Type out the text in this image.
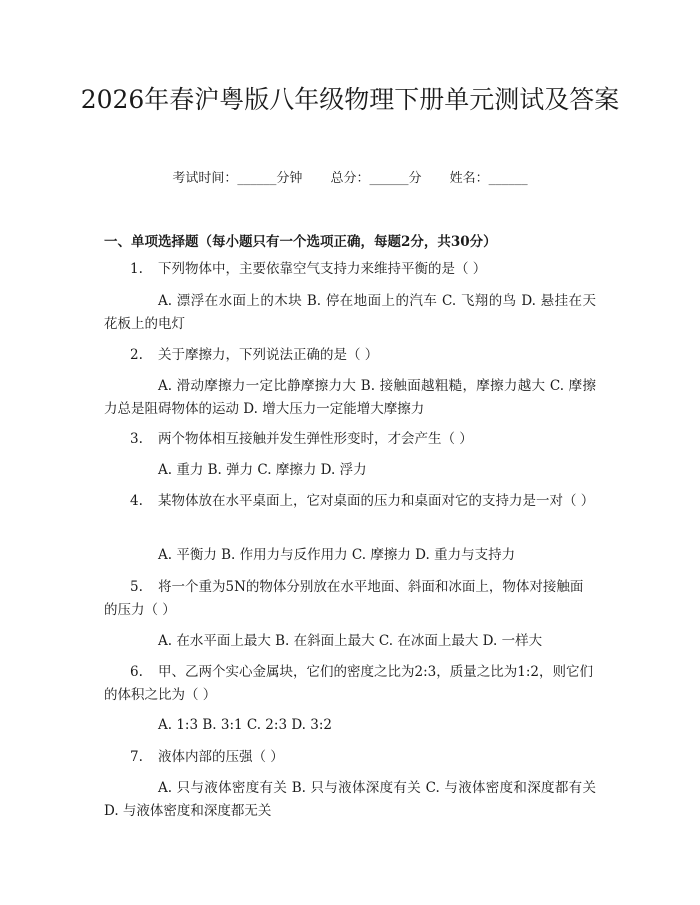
2026年春沪粤版八年级物理下册单元测试及答案
考试时间：______分钟 总分：______分 姓名：______

一、单项选择题（每小题只有一个选项正确，每题2分，共30分）

1. 下列物体中，主要依靠空气支持力来维持平衡的是（ ）

A. 漂浮在水面上的木块 B. 停在地面上的汽车 C. 飞翔的鸟 D. 悬挂在天花板上的电灯

2. 关于摩擦力，下列说法正确的是（ ）

A. 滑动摩擦力一定比静摩擦力大 B. 接触面越粗糙，摩擦力越大 C. 摩擦力总是阻碍物体的运动 D. 增大压力一定能增大摩擦力

3. 两个物体相互接触并发生弹性形变时，才会产生（ ）

A. 重力 B. 弹力 C. 摩擦力 D. 浮力

4. 某物体放在水平桌面上，它对桌面的压力和桌面对它的支持力是一对（ ）

A. 平衡力 B. 作用力与反作用力 C. 摩擦力 D. 重力与支持力

5. 将一个重为5N的物体分别放在水平地面、斜面和冰面上，物体对接触面的压力（ ）

A. 在水平面上最大 B. 在斜面上最大 C. 在冰面上最大 D. 一样大

6. 甲、乙两个实心金属块，它们的密度之比为2:3，质量之比为1:2，则它们的体积之比为（ ）

A. 1:3 B. 3:1 C. 2:3 D. 3:2

7. 液体内部的压强（ ）

A. 只与液体密度有关 B. 只与液体深度有关 C. 与液体密度和深度都有关 D. 与液体密度和深度都无关
